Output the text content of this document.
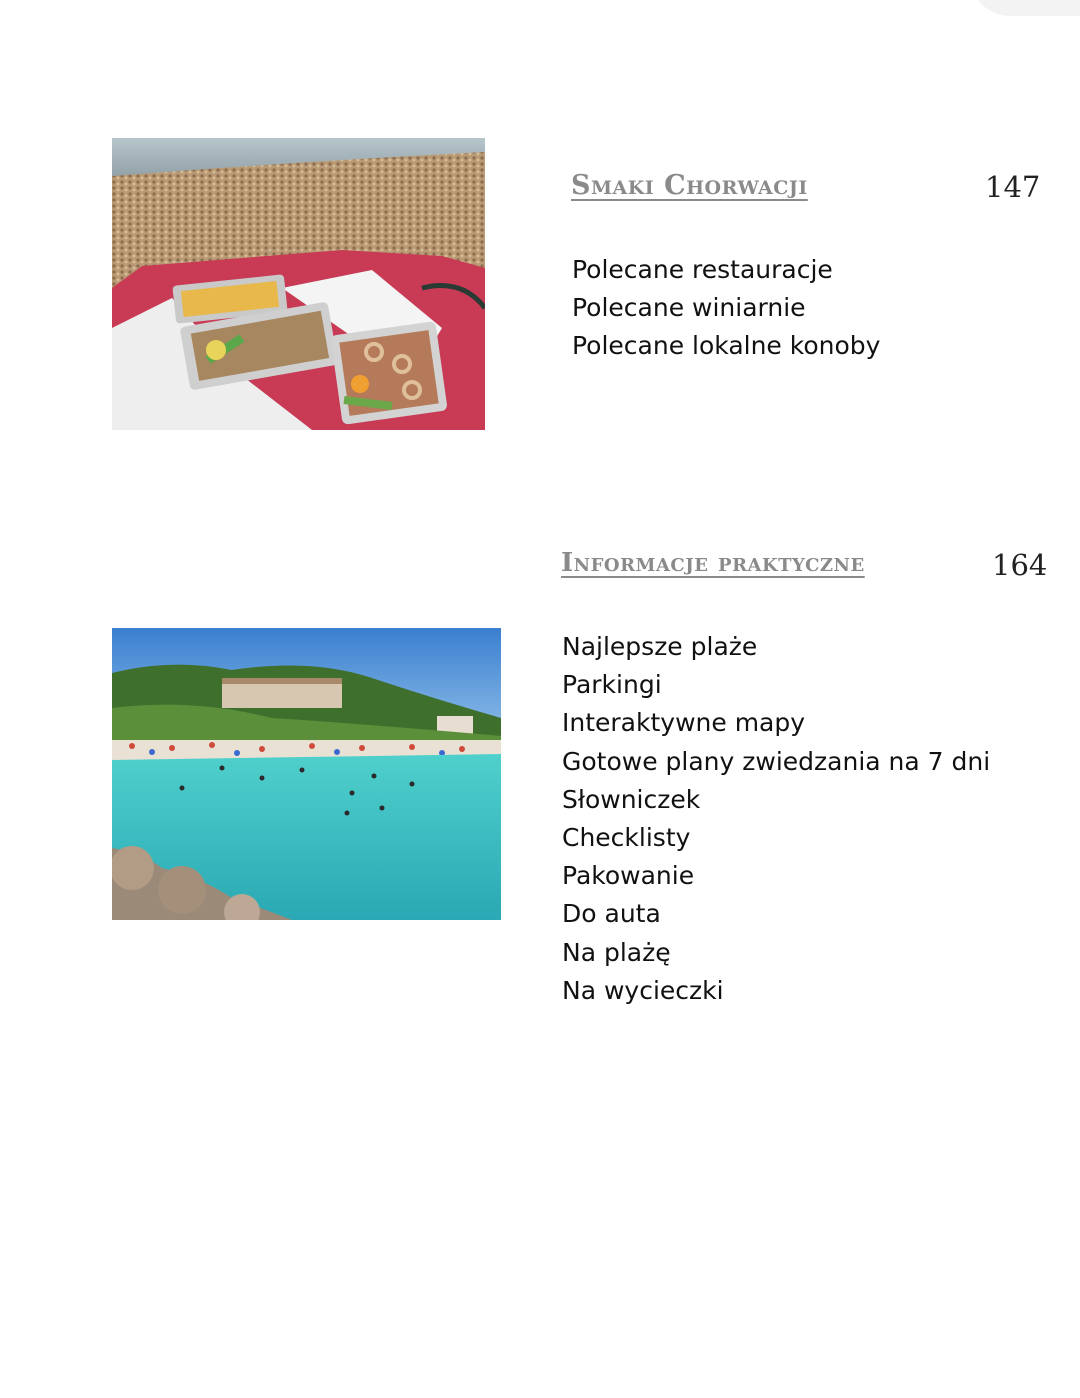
Smaki Chorwacji	147
Polecane restauracje
Polecane winiarnie
Polecane lokalne konoby
Informacje praktyczne	164
Najlepsze plaże
Parkingi
Interaktywne mapy
Gotowe plany zwiedzania na 7 dni
Słowniczek
Checklisty
Pakowanie
Do auta
Na plażę
Na wycieczki
